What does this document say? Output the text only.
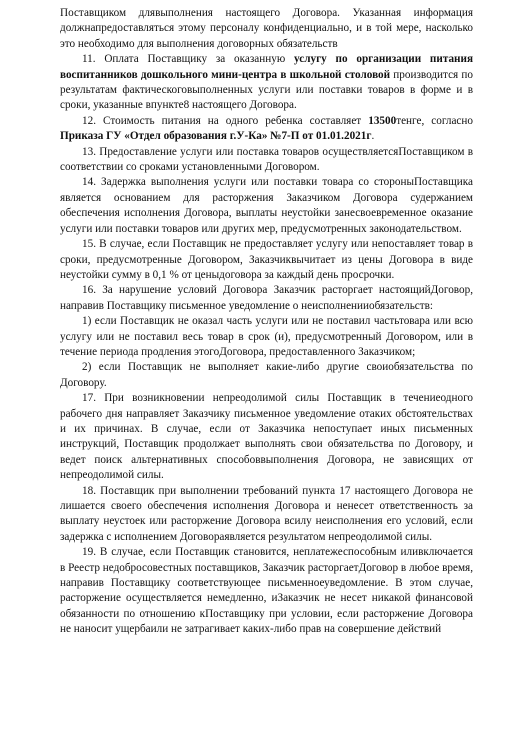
Поставщиком длявыполнения настоящего Договора. Указанная информация должнапредоставляться этому персоналу конфиденциально, и в той мере, насколько это необходимо для выполнения договорных обязательств

11. Оплата Поставщику за оказанную услугу по организации питания воспитанников дошкольного мини-центра в школьной столовой производится по результатам фактическоговыполненных услуги или поставки товаров в форме и в сроки, указанные впункте8 настоящего Договора.

12. Стоимость питания на одного ребенка составляет 13500тенге, согласно Приказа ГУ «Отдел образования г.У-Ка» №7-П от 01.01.2021г.

13. Предоставление услуги или поставка товаров осуществляетсяПоставщиком в соответствии со сроками установленными Договором.

14. Задержка выполнения услуги или поставки товара со стороныПоставщика является основанием для расторжения Заказчиком Договора судержанием обеспечения исполнения Договора, выплаты неустойки занесвоевременное оказание услуги или поставки товаров или других мер, предусмотренных законодательством.

15. В случае, если Поставщик не предоставляет услугу или непоставляет товар в сроки, предусмотренные Договором, Заказчиквычитает из цены Договора в виде неустойки сумму в 0,1 % от ценыдоговора за каждый день просрочки.

16. За нарушение условий Договора Заказчик расторгает настоящийДоговор, направив Поставщику письменное уведомление о неисполненииобязательств:

1) если Поставщик не оказал часть услуги или не поставил частьтовара или всю услугу или не поставил весь товар в срок (и), предусмотренный Договором, или в течение периода продления этогоДоговора, предоставленного Заказчиком;

2) если Поставщик не выполняет какие-либо другие своиобязательства по Договору.

17. При возникновении непреодолимой силы Поставщик в течениеодного рабочего дня направляет Заказчику письменное уведомление отаких обстоятельствах и их причинах. В случае, если от Заказчика непоступает иных письменных инструкций, Поставщик продолжает выполнять свои обязательства по Договору, и ведет поиск альтернативных способоввыполнения Договора, не зависящих от непреодолимой силы.

18. Поставщик при выполнении требований пункта 17 настоящего Договора не лишается своего обеспечения исполнения Договора и ненесет ответственность за выплату неустоек или расторжение Договора всилу неисполнения его условий, если задержка с исполнением Договораявляется результатом непреодолимой силы.

19. В случае, если Поставщик становится, неплатежеспособным иливключается в Реестр недобросовестных поставщиков, Заказчик расторгаетДоговор в любое время, направив Поставщику соответствующее письменноеуведомление. В этом случае, расторжение осуществляется немедленно, иЗаказчик не несет никакой финансовой обязанности по отношению кПоставщику при условии, если расторжение Договора не наносит ущербаили не затрагивает каких-либо прав на совершение действий
